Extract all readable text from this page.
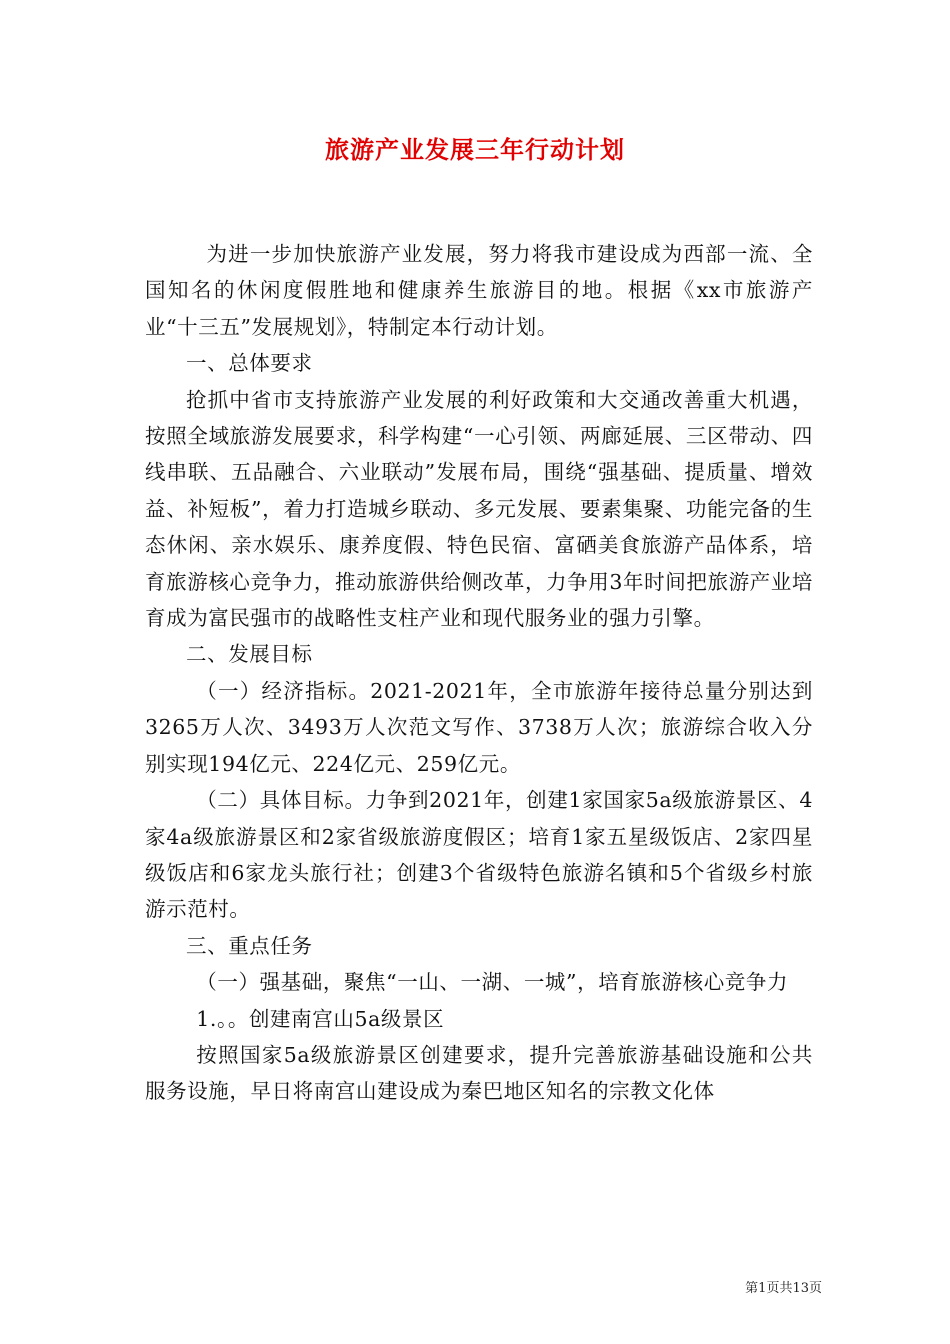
旅游产业发展三年行动计划

为进一步加快旅游产业发展，努力将我市建设成为西部一流、全国知名的休闲度假胜地和健康养生旅游目的地。根据《xx市旅游产业“十三五”发展规划》，特制定本行动计划。

一、总体要求

抢抓中省市支持旅游产业发展的利好政策和大交通改善重大机遇，按照全域旅游发展要求，科学构建“一心引领、两廊延展、三区带动、四线串联、五品融合、六业联动”发展布局，围绕“强基础、提质量、增效益、补短板”，着力打造城乡联动、多元发展、要素集聚、功能完备的生态休闲、亲水娱乐、康养度假、特色民宿、富硒美食旅游产品体系，培育旅游核心竞争力，推动旅游供给侧改革，力争用3年时间把旅游产业培育成为富民强市的战略性支柱产业和现代服务业的强力引擎。

二、发展目标

（一）经济指标。2021-2021年，全市旅游年接待总量分别达到3265万人次、3493万人次范文写作、3738万人次；旅游综合收入分别实现194亿元、224亿元、259亿元。

（二）具体目标。力争到2021年，创建1家国家5a级旅游景区、4家4a级旅游景区和2家省级旅游度假区；培育1家五星级饭店、2家四星级饭店和6家龙头旅行社；创建3个省级特色旅游名镇和5个省级乡村旅游示范村。

三、重点任务

（一）强基础，聚焦“一山、一湖、一城”，培育旅游核心竞争力

1.。。创建南宫山5a级景区

按照国家5a级旅游景区创建要求，提升完善旅游基础设施和公共服务设施，早日将南宫山建设成为秦巴地区知名的宗教文化体

第1页共13页
